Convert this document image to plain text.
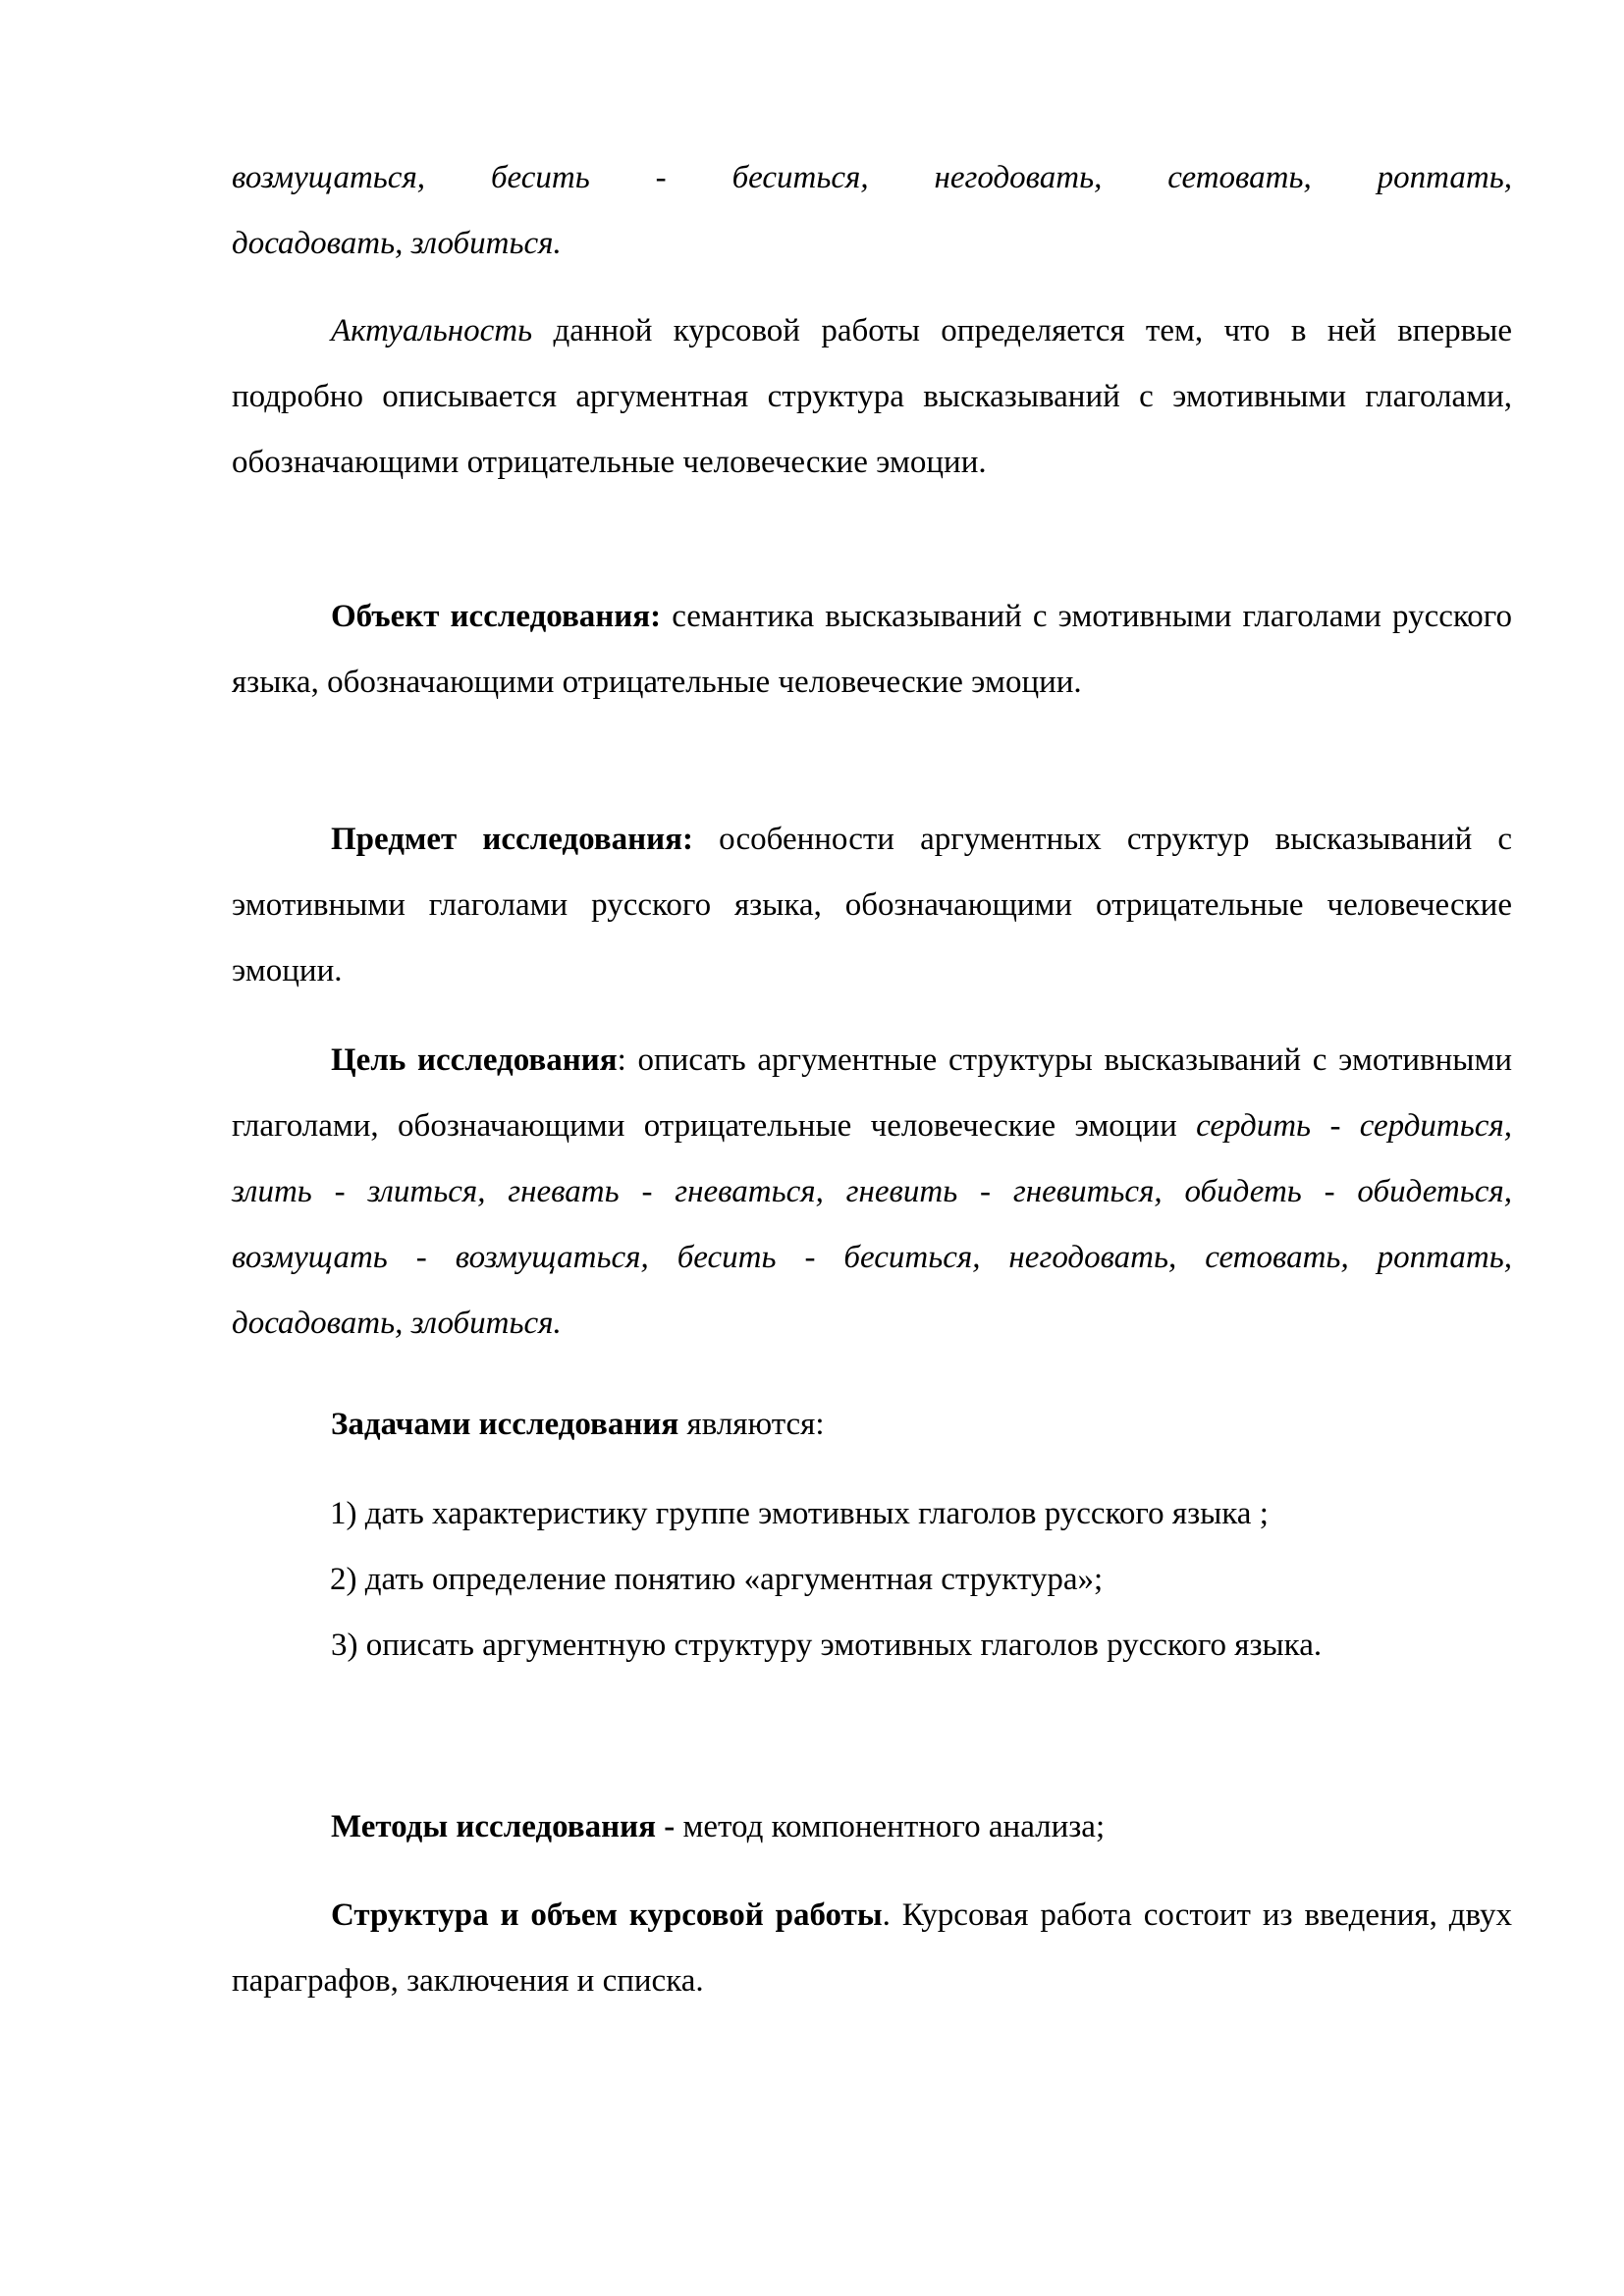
возмущаться, бесить - беситься, негодовать, сетовать, роптать,
досадовать, злобиться.

Актуальность данной курсовой работы определяется тем, что в ней впервые подробно описывается аргументная структура высказываний с эмотивными глаголами, обозначающими отрицательные человеческие эмоции.

Объект исследования: семантика высказываний с эмотивными глаголами русского языка, обозначающими отрицательные человеческие эмоции.

Предмет исследования: особенности аргументных структур высказываний с эмотивными глаголами русского языка, обозначающими отрицательные человеческие эмоции.

Цель исследования: описать аргументные структуры высказываний с эмотивными глаголами, обозначающими отрицательные человеческие эмоции сердить - сердиться, злить - злиться, гневать - гневаться, гневить - гневиться, обидеть - обидеться, возмущать - возмущаться, бесить - беситься, негодовать, сетовать, роптать, досадовать, злобиться.

Задачами исследования являются:

1) дать характеристику группе эмотивных глаголов русского языка ;
2) дать определение понятию «аргументная структура»;

3) описать аргументную структуру эмотивных глаголов русского языка.

Методы исследования - метод компонентного анализа;

Структура и объем курсовой работы. Курсовая работа состоит из введения, двух параграфов, заключения и списка.
